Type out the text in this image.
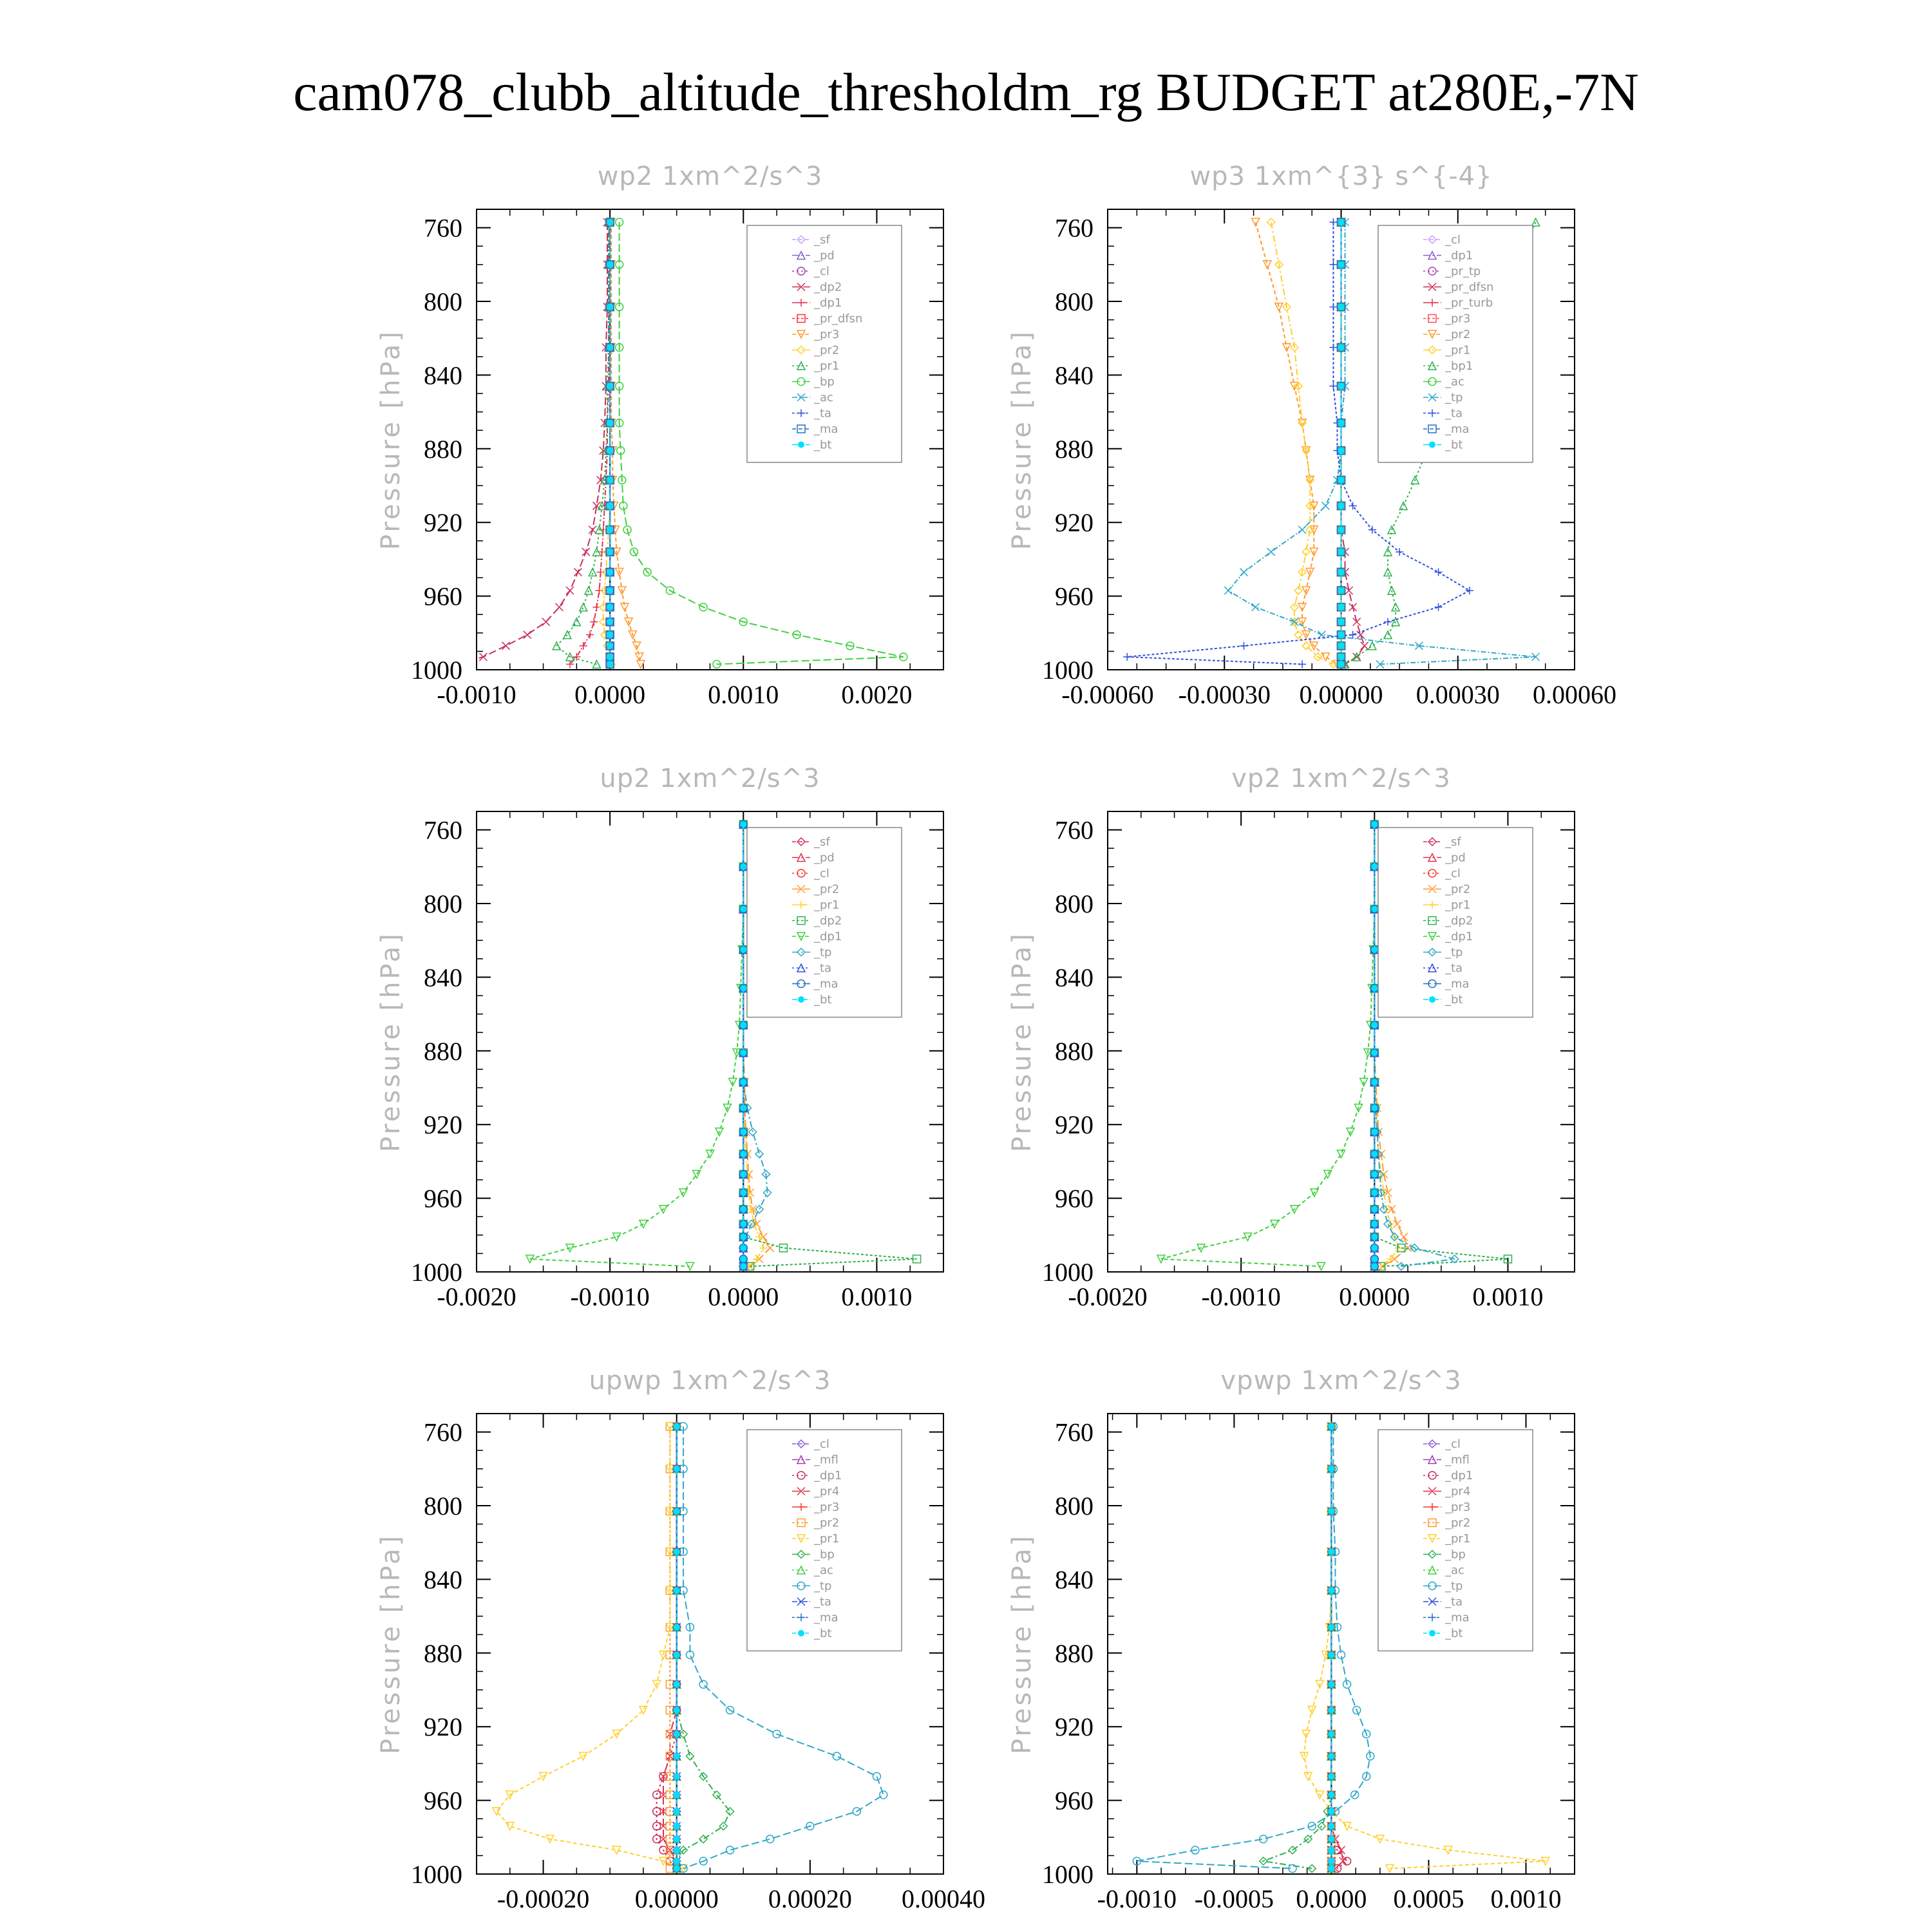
cam078_clubb_altitude_thresholdm_rg BUDGET at280E,-7N
wp2 1xm^2/s^3
Pressure [hPa]
760
800
840
880
920
960
1000
-0.0010 0.0000 0.0010 0.0020
_sf
_pd
_cl
_dp2
_dp1
_pr_dfsn
_pr3
_pr2
_pr1
_bp
_ac
_ta
_ma
_bt
wp3 1xm^{3} s^{-4}
Pressure [hPa]
760
800
840
880
920
960
1000
-0.00060 -0.00030 0.00000 0.00030 0.00060
_cl
_dp1
_pr_tp
_pr_dfsn
_pr_turb
_pr3
_pr2
_pr1
_bp1
_ac
_tp
_ta
_ma
_bt
up2 1xm^2/s^3
Pressure [hPa]
760
800
840
880
920
960
1000
-0.0020 -0.0010 0.0000 0.0010
_sf
_pd
_cl
_pr2
_pr1
_dp2
_dp1
_tp
_ta
_ma
_bt
vp2 1xm^2/s^3
Pressure [hPa]
760
800
840
880
920
960
1000
-0.0020 -0.0010 0.0000 0.0010
_sf
_pd
_cl
_pr2
_pr1
_dp2
_dp1
_tp
_ta
_ma
_bt
upwp 1xm^2/s^3
Pressure [hPa]
760
800
840
880
920
960
1000
-0.00020 0.00000 0.00020 0.00040
_cl
_mfl
_dp1
_pr4
_pr3
_pr2
_pr1
_bp
_ac
_tp
_ta
_ma
_bt
vpwp 1xm^2/s^3
Pressure [hPa]
760
800
840
880
920
960
1000
-0.0010 -0.0005 0.0000 0.0005 0.0010
_cl
_mfl
_dp1
_pr4
_pr3
_pr2
_pr1
_bp
_ac
_tp
_ta
_ma
_bt
